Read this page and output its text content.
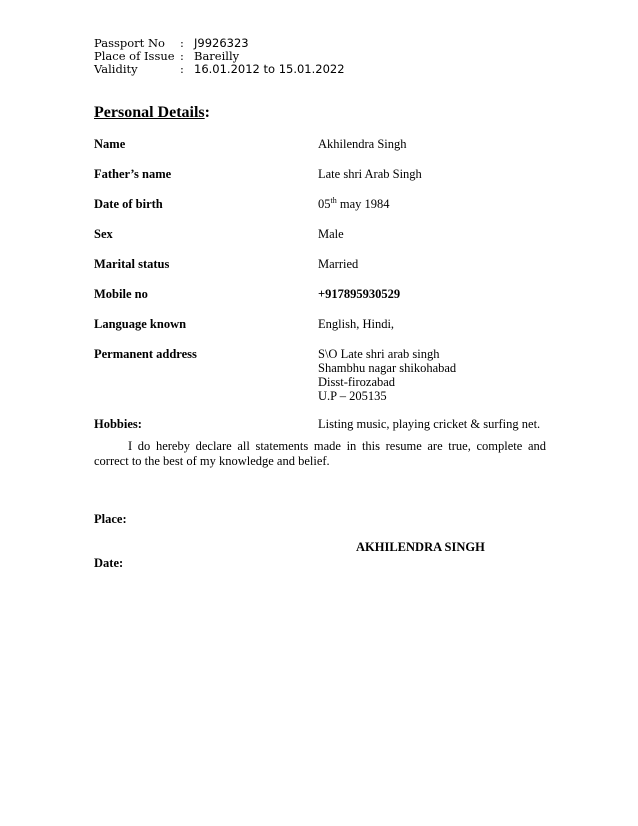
Passport No	: J9926323
Place of Issue : Bareilly
Validity	: 16.01.2012 to 15.01.2022
Personal Details:
Name	Akhilendra Singh
Father’s name	Late shri Arab Singh
Date of birth	05th may 1984
Sex	Male
Marital status	Married
Mobile no	+917895930529
Language known	English, Hindi,
Permanent address	S\O Late shri arab singh
Shambhu nagar shikohabad
Disst-firozabad
U.P – 205135
Hobbies:	Listing music, playing cricket & surfing net.
I do hereby declare all statements made in this resume are true, complete and correct to the best of my knowledge and belief.
Place:
AKHILENDRA SINGH
Date:
